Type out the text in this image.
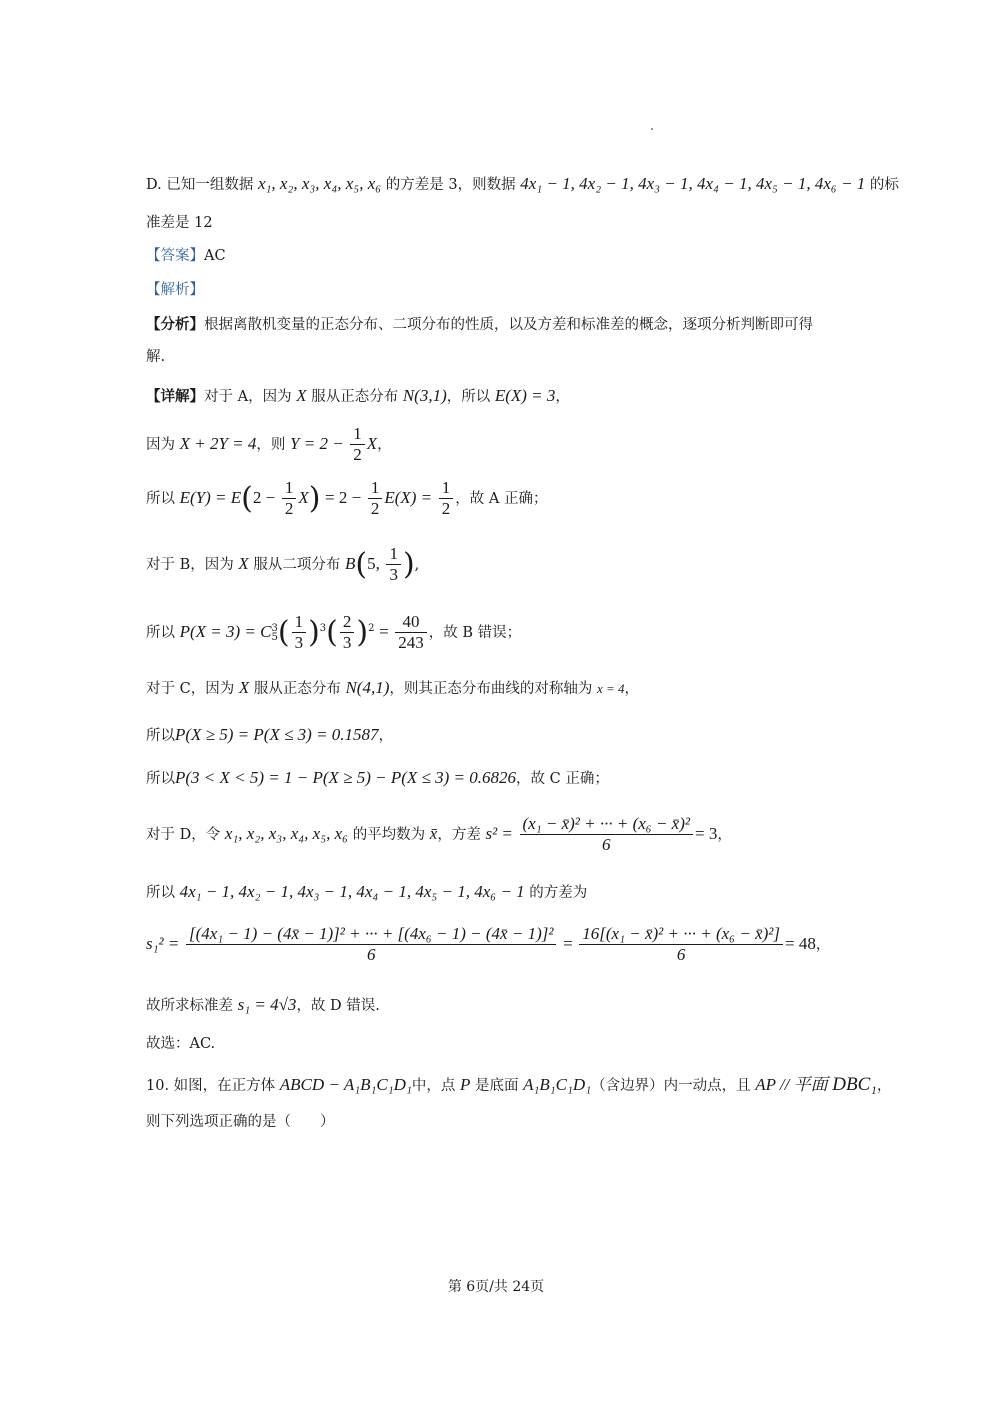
D. 已知一组数据 x₁, x₂, x₃, x₄, x₅, x₆ 的方差是 3，则数据 4x₁ − 1, 4x₂ − 1, 4x₃ − 1, 4x₄ − 1, 4x₅ − 1, 4x₆ − 1 的标
准差是 12
【答案】AC
【解析】
【分析】根据离散机变量的正态分布、二项分布的性质，以及方差和标准差的概念，逐项分析判断即可得
解.
【详解】对于 A，因为 X 服从正态分布 N(3,1)，所以 E(X) = 3，
因为 X + 2Y = 4，则 $Y = 2 - \frac{1}{2}$ X，
所以 $E(Y) = E(2 - \frac{1}{2} X) = 2 - \frac{1}{2} E(X) = \frac{1}{2}$ ，故 A 正确；
对于 B，因为 X 服从二项分布 B(5, $\frac{1}{3}$ ),
所以 P(X = 3) = C3
$5( \frac{1}{3} )^3( \frac{2}{3} )^2 = \frac{40}{243}$ ，故 B 错误；
对于 C，因为 X 服从正态分布 N(4,1)，则其正态分布曲线的对称轴为 x = 4，
所以P(X ≥ 5) = P(X ≤ 3) = 0.1587，
所以P(3 < X < 5) = 1 − P(X ≥ 5) − P(X ≤ 3) = 0.6826，故 C 正确；
对于 D，令 x₁, x₂, x₃, x₄, x₅, x₆ 的平均数为 x̄，方差 $s^2 = \frac{\text{(x₁ − x̄)² + ··· + (x₆ − x̄)²}}{6} = 3$，
所以 4x₁ − 1, 4x₂ − 1, 4x₃ − 1, 4x₄ − 1, 4x₅ − 1, 4x₆ − 1 的方差为
$s_1^2 = \frac{\text{[(4x₁ − 1) − (4x̄ − 1)]² + ··· + [(4x₆ − 1) − (4x̄ − 1)]²}}{6} = \frac{\text{16[(x₁ − x̄)² + ··· + (x₆ − x̄)²]}}{6} = 48$，
故所求标准差 s₁ = 4√3，故 D 错误.
故选：AC.
10. 如图，在正方体 ABCD − A₁B₁C₁D₁中，点 P 是底面 A₁B₁C₁D₁（含边界）内一动点，且 AP // 平面 DBC₁，
则下列选项正确的是（　　）
第 6页/共 24页
